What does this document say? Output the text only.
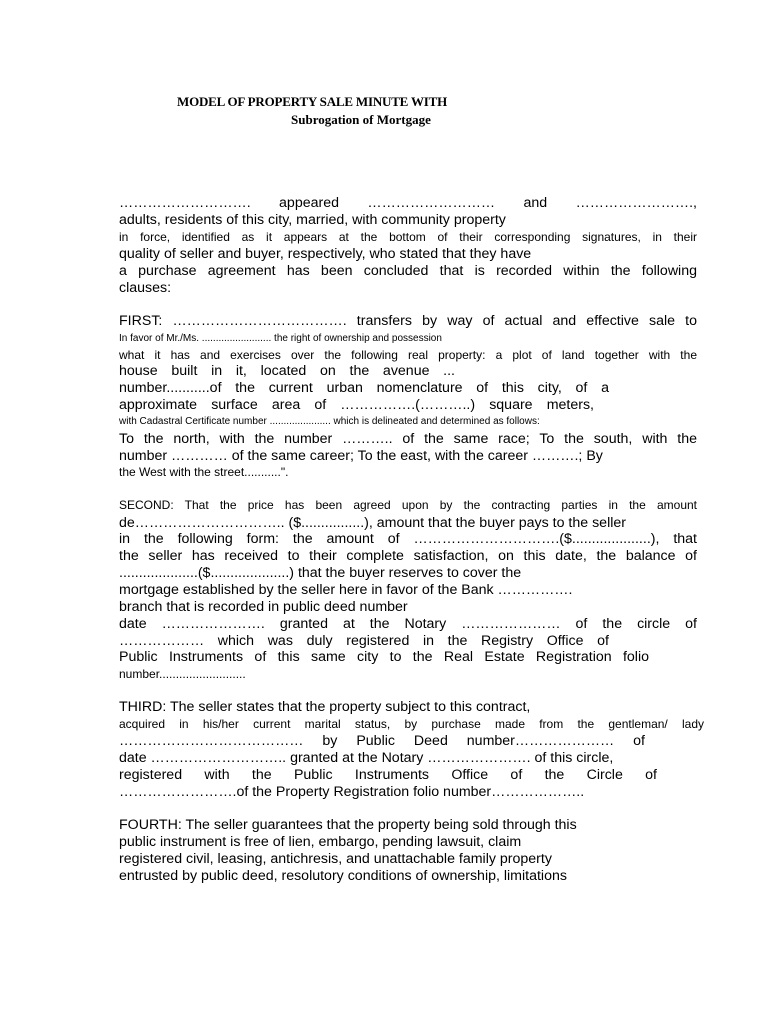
MODEL OF PROPERTY SALE MINUTE WITH
Subrogation of Mortgage
………………………. appeared ……………………… and …………………….,
adults, residents of this city, married, with community property
in force, identified as it appears at the bottom of their corresponding signatures, in their
quality of seller and buyer, respectively, who stated that they have
a purchase agreement has been concluded that is recorded within the following
clauses:
FIRST: ………………………………. transfers by way of actual and effective sale to
In favor of Mr./Ms. ......................... the right of ownership and possession
what it has and exercises over the following real property: a plot of land together with the
house built in it, located on the avenue ...
number...........of the current urban nomenclature of this city, of a
approximate surface area of …………….(………..) square meters,
with Cadastral Certificate number ...................... which is delineated and determined as follows:
To the north, with the number ……….. of the same race; To the south, with the
number ………… of the same career; To the east, with the career ……….; By
the West with the street...........".
SECOND: That the price has been agreed upon by the contracting parties in the amount
de………………………….. ($................), amount that the buyer pays to the seller
in the following form: the amount of ………………………….($....................), that
the seller has received to their complete satisfaction, on this date, the balance of
....................($....................) that the buyer reserves to cover the
mortgage established by the seller here in favor of the Bank …………….
branch that is recorded in public deed number
date …………………. granted at the Notary ………………… of the circle of
……………… which was duly registered in the Registry Office of
Public Instruments of this same city to the Real Estate Registration folio
number..........................
THIRD: The seller states that the property subject to this contract,
acquired in his/her current marital status, by purchase made from the gentleman/ lady
………………………………… by Public Deed number………………… of
date ……………………….. granted at the Notary …………………. of this circle,
registered with the Public Instruments Office of the Circle of
…………………….of the Property Registration folio number………………..
FOURTH: The seller guarantees that the property being sold through this
public instrument is free of lien, embargo, pending lawsuit, claim
registered civil, leasing, antichresis, and unattachable family property
entrusted by public deed, resolutory conditions of ownership, limitations
